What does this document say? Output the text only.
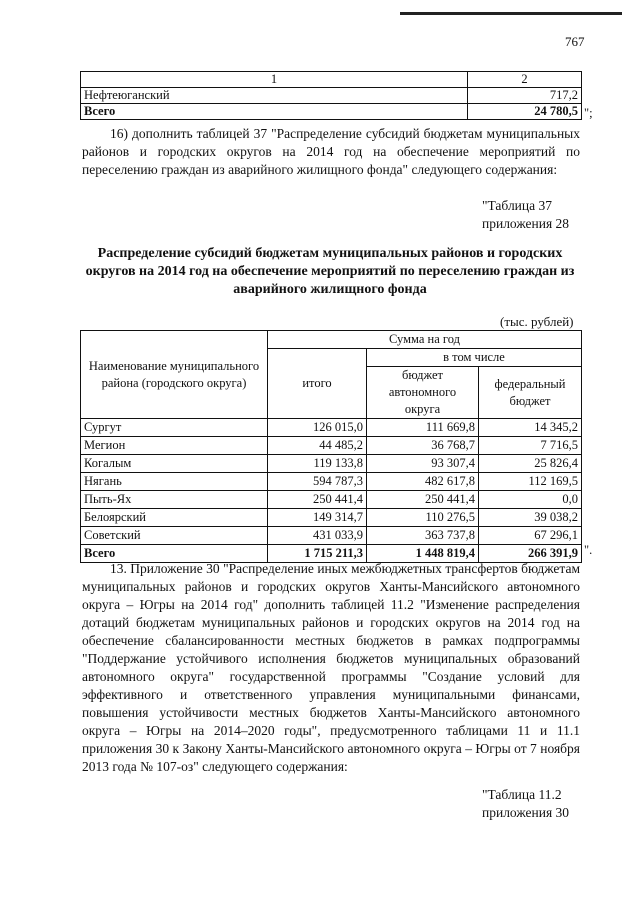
767
1	2
Нефтеюганский	717,2
Всего	24 780,5 ";

16) дополнить таблицей 37 "Распределение субсидий бюджетам муниципальных районов и городских округов на 2014 год на обеспечение мероприятий по переселению граждан из аварийного жилищного фонда" следующего содержания:

"Таблица 37
приложения 28

Распределение субсидий бюджетам муниципальных районов и городских округов на 2014 год на обеспечение мероприятий по переселению граждан из аварийного жилищного фонда

(тыс. рублей)
Наименование муниципального района (городского округа)	Сумма на год		
	итого	в том числе	
		бюджет автономного округа	федеральный бюджет
Сургут	126 015,0	111 669,8	14 345,2
Мегион	44 485,2	36 768,7	7 716,5
Когалым	119 133,8	93 307,4	25 826,4
Нягань	594 787,3	482 617,8	112 169,5
Пыть-Ях	250 441,4	250 441,4	0,0
Белоярский	149 314,7	110 276,5	39 038,2
Советский	431 033,9	363 737,8	67 296,1
Всего	1 715 211,3	1 448 819,4	266 391,9 ".

13. Приложение 30 "Распределение иных межбюджетных трансфертов бюджетам муниципальных районов и городских округов Ханты-Мансийского автономного округа – Югры на 2014 год" дополнить таблицей 11.2 "Изменение распределения дотаций бюджетам муниципальных районов и городских округов на 2014 год на обеспечение сбалансированности местных бюджетов в рамках подпрограммы "Поддержание устойчивого исполнения бюджетов муниципальных образований автономного округа" государственной программы "Создание условий для эффективного и ответственного управления муниципальными финансами, повышения устойчивости местных бюджетов Ханты-Мансийского автономного округа – Югры на 2014–2020 годы", предусмотренного таблицами 11 и 11.1 приложения 30 к Закону Ханты-Мансийского автономного округа – Югры от 7 ноября 2013 года № 107-оз" следующего содержания:

"Таблица 11.2
приложения 30
